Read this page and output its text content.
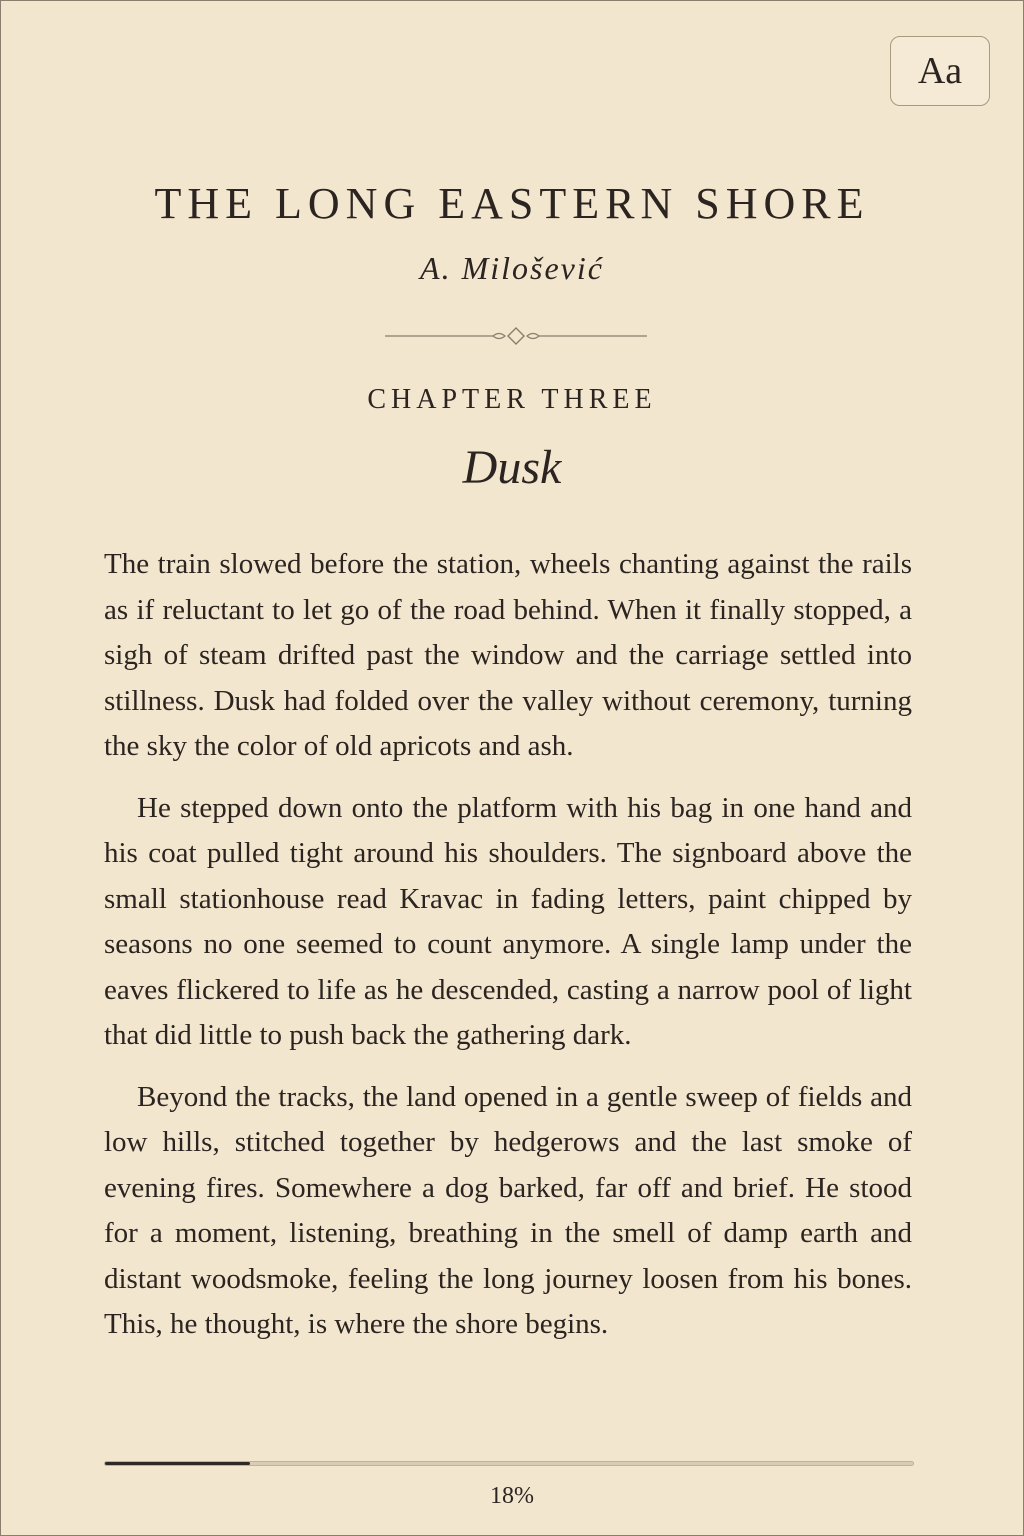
Aa
THE LONG EASTERN SHORE
A. Milošević
CHAPTER THREE
Dusk

The train slowed before the station, wheels chanting against the rails as if reluctant to let go of the road behind. When it finally stopped, a sigh of steam drifted past the window and the carriage settled into stillness. Dusk had folded over the valley without ceremony, turning the sky the color of old apricots and ash.

He stepped down onto the platform with his bag in one hand and his coat pulled tight around his shoulders. The signboard above the small stationhouse read Kravac in fading letters, paint chipped by seasons no one seemed to count anymore. A single lamp under the eaves flickered to life as he descended, casting a narrow pool of light that did little to push back the gathering dark.

Beyond the tracks, the land opened in a gentle sweep of fields and low hills, stitched together by hedgerows and the last smoke of evening fires. Somewhere a dog barked, far off and brief. He stood for a moment, listening, breathing in the smell of damp earth and distant woodsmoke, feeling the long journey loosen from his bones. This, he thought, is where the shore begins.

18%
